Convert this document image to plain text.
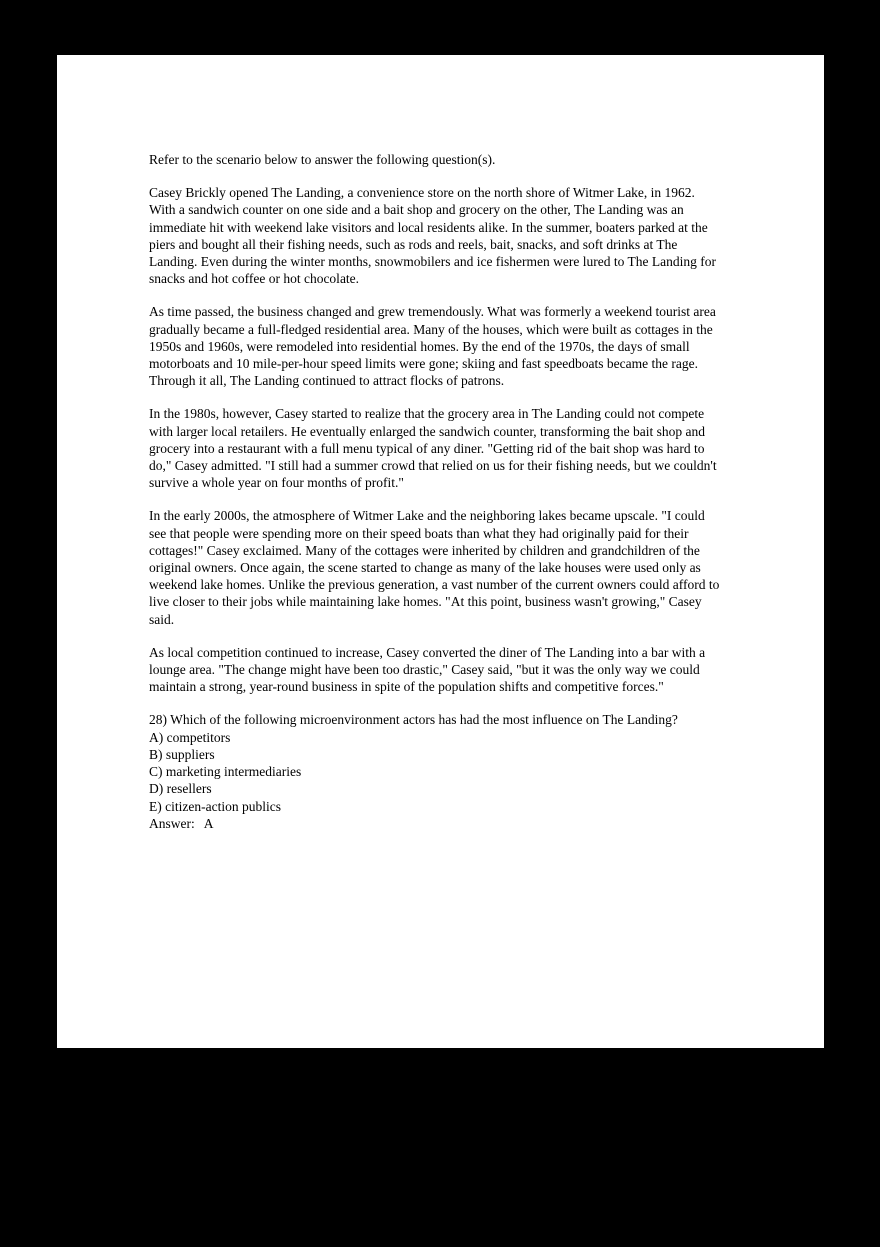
Refer to the scenario below to answer the following question(s).
Casey Brickly opened The Landing, a convenience store on the north shore of Witmer Lake, in 1962. With a sandwich counter on one side and a bait shop and grocery on the other, The Landing was an immediate hit with weekend lake visitors and local residents alike. In the summer, boaters parked at the piers and bought all their fishing needs, such as rods and reels, bait, snacks, and soft drinks at The Landing. Even during the winter months, snowmobilers and ice fishermen were lured to The Landing for snacks and hot coffee or hot chocolate.
As time passed, the business changed and grew tremendously. What was formerly a weekend tourist area gradually became a full-fledged residential area. Many of the houses, which were built as cottages in the 1950s and 1960s, were remodeled into residential homes. By the end of the 1970s, the days of small motorboats and 10 mile-per-hour speed limits were gone; skiing and fast speedboats became the rage. Through it all, The Landing continued to attract flocks of patrons.
In the 1980s, however, Casey started to realize that the grocery area in The Landing could not compete with larger local retailers. He eventually enlarged the sandwich counter, transforming the bait shop and grocery into a restaurant with a full menu typical of any diner. "Getting rid of the bait shop was hard to do," Casey admitted. "I still had a summer crowd that relied on us for their fishing needs, but we couldn't survive a whole year on four months of profit."
In the early 2000s, the atmosphere of Witmer Lake and the neighboring lakes became upscale. "I could see that people were spending more on their speed boats than what they had originally paid for their cottages!" Casey exclaimed. Many of the cottages were inherited by children and grandchildren of the original owners. Once again, the scene started to change as many of the lake houses were used only as weekend lake homes. Unlike the previous generation, a vast number of the current owners could afford to live closer to their jobs while maintaining lake homes. "At this point, business wasn't growing," Casey said.
As local competition continued to increase, Casey converted the diner of The Landing into a bar with a lounge area. "The change might have been too drastic," Casey said, "but it was the only way we could maintain a strong, year-round business in spite of the population shifts and competitive forces."
28) Which of the following microenvironment actors has had the most influence on The Landing?
A) competitors
B) suppliers
C) marketing intermediaries
D) resellers
E) citizen-action publics
Answer: A
